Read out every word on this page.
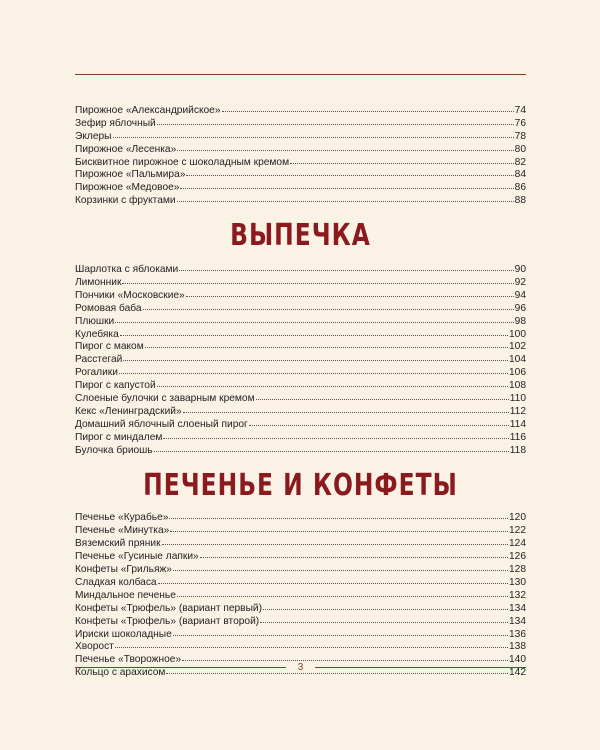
Пирожное «Александрийское»	74
Зефир яблочный	76
Эклеры	78
Пирожное «Лесенка»	80
Бисквитное пирожное с шоколадным кремом	82
Пирожное «Пальмира»	84
Пирожное «Медовое»	86
Корзинки с фруктами	88
ВЫПЕЧКА
Шарлотка с яблоками	90
Лимонник	92
Пончики «Московские»	94
Ромовая баба	96
Плюшки	98
Кулебяка	100
Пирог с маком	102
Расстегай	104
Рогалики	106
Пирог с капустой	108
Слоеные булочки с заварным кремом	110
Кекс «Ленинградский»	112
Домашний яблочный слоеный пирог	114
Пирог с миндалем	116
Булочка бриошь	118
ПЕЧЕНЬЕ И КОНФЕТЫ
Печенье «Курабье»	120
Печенье «Минутка»	122
Вяземский пряник	124
Печенье «Гусиные лапки»	126
Конфеты «Грильяж»	128
Сладкая колбаса	130
Миндальное печенье	132
Конфеты «Трюфель» (вариант первый)	134
Конфеты «Трюфель» (вариант второй)	134
Ириски шоколадные	136
Хворост	138
Печенье «Творожное»	140
Кольцо с арахисом	142
3
